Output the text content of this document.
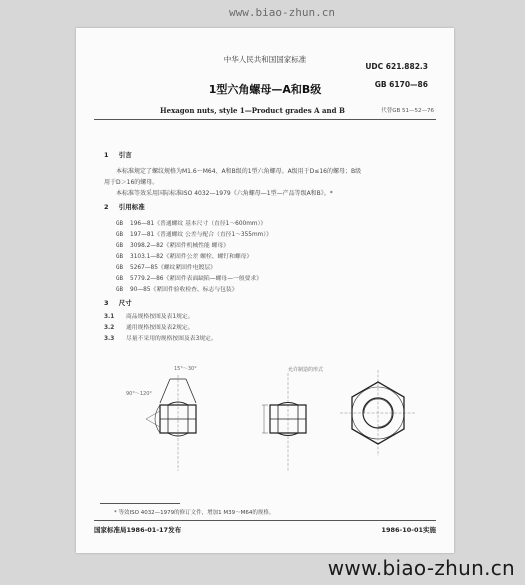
www.biao-zhun.cn
中华人民共和国国家标准
UDC 621.882.3
GB 6170—86
1型六角螺母—A和B级
Hexagon nuts, style 1—Product grades A and B	代替GB 51—52—76
1 引言
本标准规定了螺纹规格为M1.6～M64、A和B级的1型六角螺母。A级用于D≤16的螺母；B级
用于D＞16的螺母。
本标准等效采用国际标准ISO 4032—1979《六角螺母—1型—产品等级A和B》。*
2 引用标准
GB 196—81《普通螺纹 基本尺寸（直径1～600mm）》
GB 197—81《普通螺纹 公差与配合（直径1～355mm）》
GB 3098.2—82《紧固件机械性能 螺母》
GB 3103.1—82《紧固件公差 螺栓、螺钉和螺母》
GB 5267—85《螺纹紧固件电镀层》
GB 5779.2—86《紧固件表面缺陷—螺母—一般要求》
GB 90—85《紧固件验收检查、标志与包装》
3 尺寸
3.1 商品规格按图及表1规定。
3.2 通用规格按图及表2规定。
3.3 尽量不采用的规格按图及表3规定。
允许制造的形式
15°～30°
90°～120°
* 等效ISO 4032—1979的修订文件，增加1 M39～M64的规格。
国家标准局1986-01-17发布	1986-10-01实施
www.biao-zhun.cn
